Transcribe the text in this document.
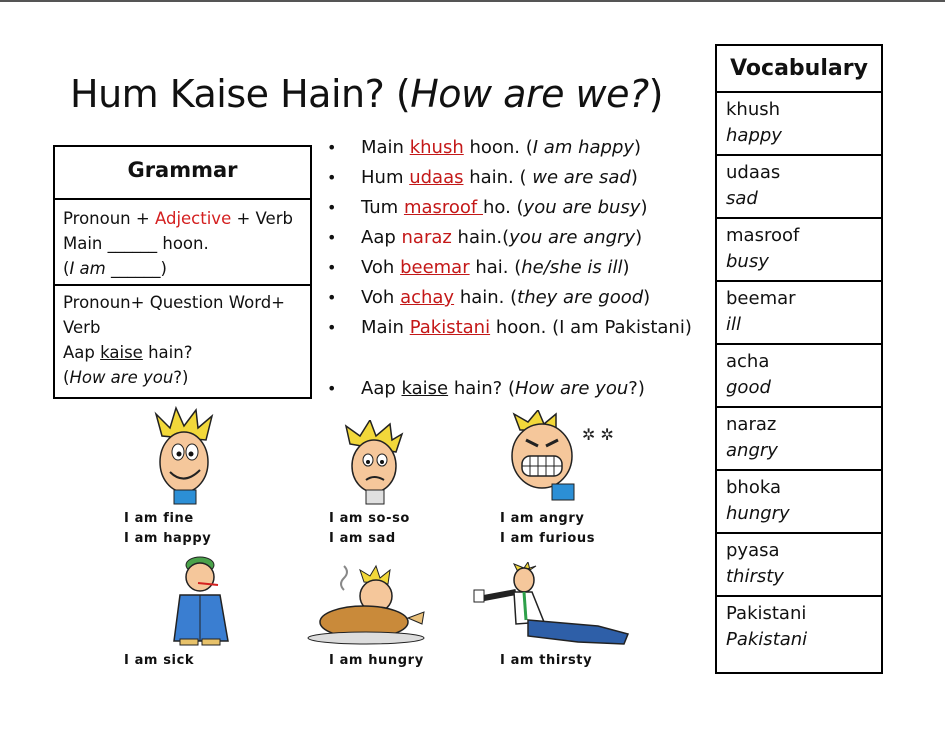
Hum Kaise Hain? (How are we?)
Grammar
Pronoun + Adjective + Verb
Main ______ hoon.
(I am ______)
Pronoun+ Question Word+
Verb
Aap kaise hain?
(How are you?)
• Main khush hoon. (I am happy)
• Hum udaas hain. ( we are sad)
• Tum masroof ho. (you are busy)
• Aap naraz hain.(you are angry)
• Voh beemar hai. (he/she is ill)
• Voh achay hain. (they are good)
• Main Pakistani hoon. (I am Pakistani)
• Aap kaise hain? (How are you?)
Vocabulary
khush
happy
udaas
sad
masroof
busy
beemar
ill
acha
good
naraz
angry
bhoka
hungry
pyasa
thirsty
Pakistani
Pakistani
I am fine
I am happy
I am so-so
I am sad
✲ ✲
I am angry
I am furious
I am sick	I am hungry	I am thirsty
